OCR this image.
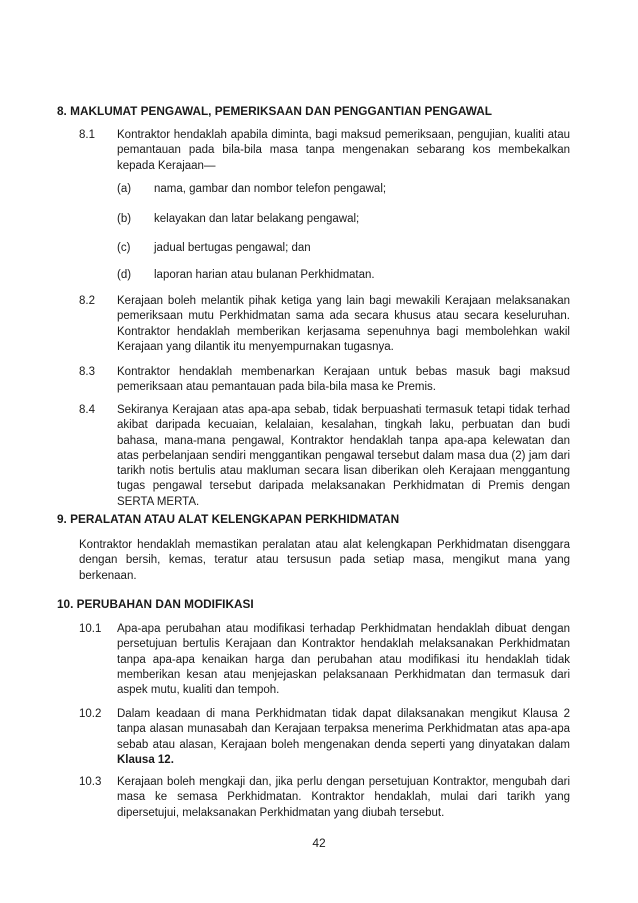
8. MAKLUMAT PENGAWAL, PEMERIKSAAN DAN PENGGANTIAN PENGAWAL
8.1 Kontraktor hendaklah apabila diminta, bagi maksud pemeriksaan, pengujian, kualiti atau pemantauan pada bila-bila masa tanpa mengenakan sebarang kos membekalkan kepada Kerajaan—
(a) nama, gambar dan nombor telefon pengawal;
(b) kelayakan dan latar belakang pengawal;
(c) jadual bertugas pengawal; dan
(d) laporan harian atau bulanan Perkhidmatan.
8.2 Kerajaan boleh melantik pihak ketiga yang lain bagi mewakili Kerajaan melaksanakan pemeriksaan mutu Perkhidmatan sama ada secara khusus atau secara keseluruhan. Kontraktor hendaklah memberikan kerjasama sepenuhnya bagi membolehkan wakil Kerajaan yang dilantik itu menyempurnakan tugasnya.
8.3 Kontraktor hendaklah membenarkan Kerajaan untuk bebas masuk bagi maksud pemeriksaan atau pemantauan pada bila-bila masa ke Premis.
8.4 Sekiranya Kerajaan atas apa-apa sebab, tidak berpuashati termasuk tetapi tidak terhad akibat daripada kecuaian, kelalaian, kesalahan, tingkah laku, perbuatan dan budi bahasa, mana-mana pengawal, Kontraktor hendaklah tanpa apa-apa kelewatan dan atas perbelanjaan sendiri menggantikan pengawal tersebut dalam masa dua (2) jam dari tarikh notis bertulis atau makluman secara lisan diberikan oleh Kerajaan menggantung tugas pengawal tersebut daripada melaksanakan Perkhidmatan di Premis dengan SERTA MERTA.
9. PERALATAN ATAU ALAT KELENGKAPAN PERKHIDMATAN
Kontraktor hendaklah memastikan peralatan atau alat kelengkapan Perkhidmatan disenggara dengan bersih, kemas, teratur atau tersusun pada setiap masa, mengikut mana yang berkenaan.
10. PERUBAHAN DAN MODIFIKASI
10.1 Apa-apa perubahan atau modifikasi terhadap Perkhidmatan hendaklah dibuat dengan persetujuan bertulis Kerajaan dan Kontraktor hendaklah melaksanakan Perkhidmatan tanpa apa-apa kenaikan harga dan perubahan atau modifikasi itu hendaklah tidak memberikan kesan atau menjejaskan pelaksanaan Perkhidmatan dan termasuk dari aspek mutu, kualiti dan tempoh.
10.2 Dalam keadaan di mana Perkhidmatan tidak dapat dilaksanakan mengikut Klausa 2 tanpa alasan munasabah dan Kerajaan terpaksa menerima Perkhidmatan atas apa-apa sebab atau alasan, Kerajaan boleh mengenakan denda seperti yang dinyatakan dalam Klausa 12.
10.3 Kerajaan boleh mengkaji dan, jika perlu dengan persetujuan Kontraktor, mengubah dari masa ke semasa Perkhidmatan. Kontraktor hendaklah, mulai dari tarikh yang dipersetujui, melaksanakan Perkhidmatan yang diubah tersebut.
42
